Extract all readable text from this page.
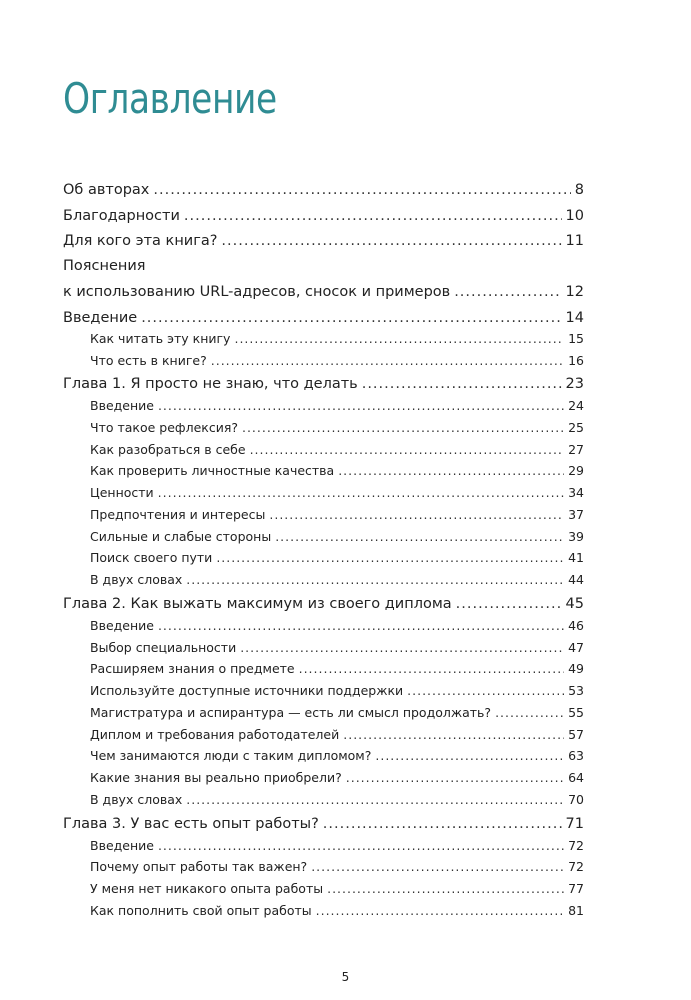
Оглавление
Об авторах .....	8
Благодарности .....	10
Для кого эта книга? .....	11
Пояснения
к использованию URL-адресов, сносок и примеров .....	12
Введение .....	14
Как читать эту книгу .....	15
Что есть в книге? .....	16
Глава 1. Я просто не знаю, что делать .....	23
Введение .....	24
Что такое рефлексия? .....	25
Как разобраться в себе .....	27
Как проверить личностные качества .....	29
Ценности .....	34
Предпочтения и интересы .....	37
Сильные и слабые стороны .....	39
Поиск своего пути .....	41
В двух словах .....	44
Глава 2. Как выжать максимум из своего диплома .....	45
Введение .....	46
Выбор специальности .....	47
Расширяем знания о предмете .....	49
Используйте доступные источники поддержки .....	53
Магистратура и аспирантура — есть ли смысл продолжать? .....	55
Диплом и требования работодателей .....	57
Чем занимаются люди с таким дипломом? .....	63
Какие знания вы реально приобрели? .....	64
В двух словах .....	70
Глава 3. У вас есть опыт работы? .....	71
Введение .....	72
Почему опыт работы так важен? .....	72
У меня нет никакого опыта работы .....	77
Как пополнить свой опыт работы .....	81
5
